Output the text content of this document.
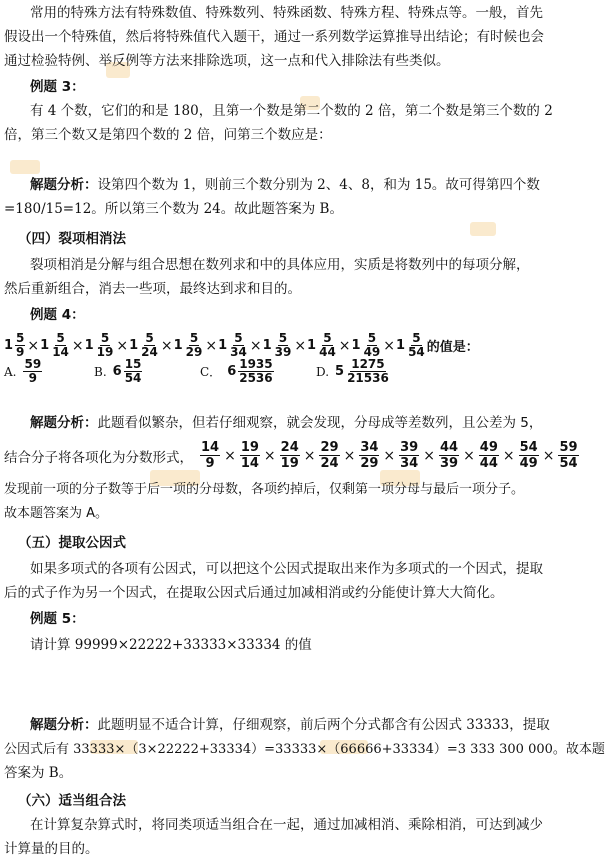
常用的特殊方法有特殊数值、特殊数列、特殊函数、特殊方程、特殊点等。一般，首先
假设出一个特殊值，然后将特殊值代入题干，通过一系列数学运算推导出结论；有时候也会
通过检验特例、举反例等方法来排除选项，这一点和代入排除法有些类似。
例题 3：
有 4 个数，它们的和是 180，且第一个数是第二个数的 2 倍，第二个数是第三个数的 2
倍，第三个数又是第四个数的 2 倍，问第三个数应是：
解题分析：设第四个数为 1，则前三个数分别为 2、4、8，和为 15。故可得第四个数
=180/15=12。所以第三个数为 24。故此题答案为 B。
（四）裂项相消法
裂项相消是分解与组合思想在数列求和中的具体应用，实质是将数列中的每项分解，
然后重新组合，消去一些项，最终达到求和目的。
例题 4：
$1 \frac{5}{9} \times 1 \frac{5}{14} \times 1 \frac{5}{19} \times 1 \frac{5}{24} \times 1 \frac{5}{29} \times 1 \frac{5}{34} \times 1 \frac{5}{39} \times 1 \frac{5}{44} \times 1 \frac{5}{49} \times 1 \frac{5}{54}$ 的值是：
A. $\frac{59}{9}$	B. $6 \frac{15}{54}$	C． $6 \frac{1935}{2536}$	D. $5 \frac{1275}{21536}$
解题分析：此题看似繁杂，但若仔细观察，就会发现，分母成等差数列，且公差为 5，
结合分子将各项化为分数形式， $\frac{14}{9} \times \frac{19}{14} \times \frac{24}{19} \times \frac{29}{24} \times \frac{34}{29} \times \frac{39}{34} \times \frac{44}{39} \times \frac{49}{44} \times \frac{54}{49} \times \frac{59}{54}$
发现前一项的分子数等于后一项的分母数，各项约掉后，仅剩第一项分母与最后一项分子。
故本题答案为 A。
（五）提取公因式
如果多项式的各项有公因式，可以把这个公因式提取出来作为多项式的一个因式，提取
后的式子作为另一个因式，在提取公因式后通过加减相消或约分能使计算大大简化。
例题 5：
请计算 99999×22222+33333×33334 的值
解题分析：此题明显不适合计算，仔细观察，前后两个分式都含有公因式 33333，提取
公因式后有 33333×（3×22222+33334）=33333×（66666+33334）=3 333 300 000。故本题
答案为 B。
（六）适当组合法
在计算复杂算式时，将同类项适当组合在一起，通过加减相消、乘除相消，可达到减少
计算量的目的。
